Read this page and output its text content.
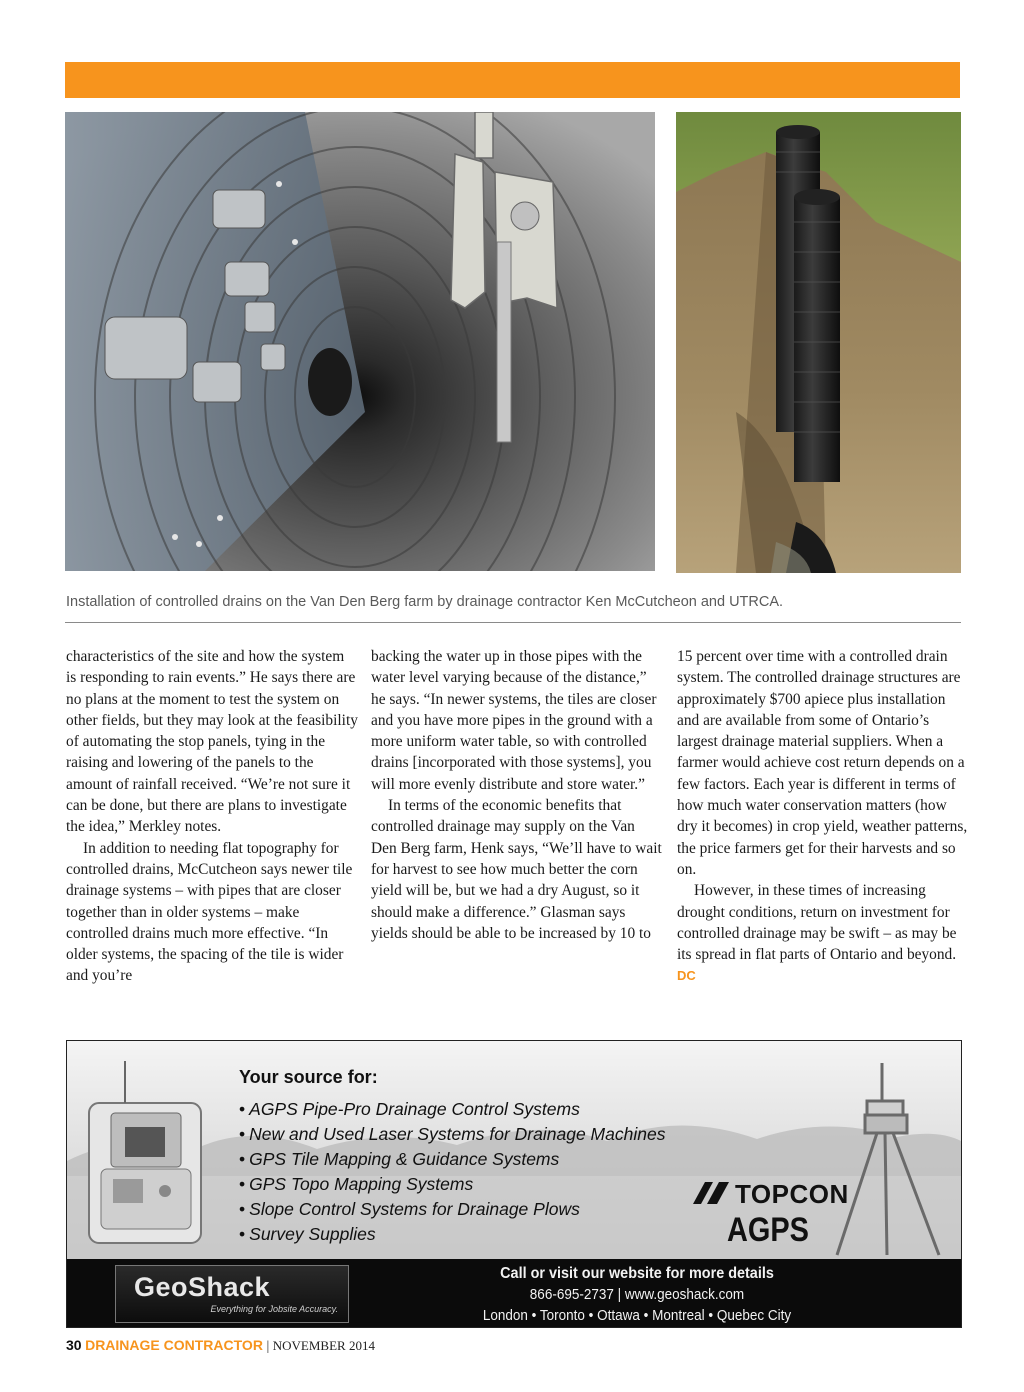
Installation of controlled drains on the Van Den Berg farm by drainage contractor Ken McCutcheon and UTRCA.

characteristics of the site and how the system is responding to rain events.” He says there are no plans at the moment to test the system on other fields, but they may look at the feasibility of automating the stop panels, tying in the raising and lowering of the panels to the amount of rainfall received. “We’re not sure it can be done, but there are plans to investigate the idea,” Merkley notes.

In addition to needing flat topography for controlled drains, McCutcheon says newer tile drainage systems – with pipes that are closer together than in older systems – make controlled drains much more effective. “In older systems, the spacing of the tile is wider and you’re

backing the water up in those pipes with the water level varying because of the distance,” he says. “In newer systems, the tiles are closer and you have more pipes in the ground with a more uniform water table, so with controlled drains [incorporated with those systems], you will more evenly distribute and store water.”

In terms of the economic benefits that controlled drainage may supply on the Van Den Berg farm, Henk says, “We’ll have to wait for harvest to see how much better the corn yield will be, but we had a dry August, so it should make a difference.” Glasman says yields should be able to be increased by 10 to

15 percent over time with a controlled drain system. The controlled drainage structures are approximately $700 apiece plus installation and are available from some of Ontario’s largest drainage material suppliers. When a farmer would achieve cost return depends on a few factors. Each year is different in terms of how much water conservation matters (how dry it becomes) in crop yield, weather patterns, the price farmers get for their harvests and so on.

However, in these times of increasing drought conditions, return on investment for controlled drainage may be swift – as may be its spread in flat parts of Ontario and beyond. DC

Your source for:
• AGPS Pipe-Pro Drainage Control Systems
• New and Used Laser Systems for Drainage Machines
• GPS Tile Mapping & Guidance Systems
• GPS Topo Mapping Systems
• Slope Control Systems for Drainage Plows
• Survey Supplies
TOPCON
AGPS
GeoShack
Everything for Jobsite Accuracy.
Call or visit our website for more details
866-695-2737 | www.geoshack.com
London • Toronto • Ottawa • Montreal • Quebec City
30 DRAINAGE CONTRACTOR | NOVEMBER 2014
